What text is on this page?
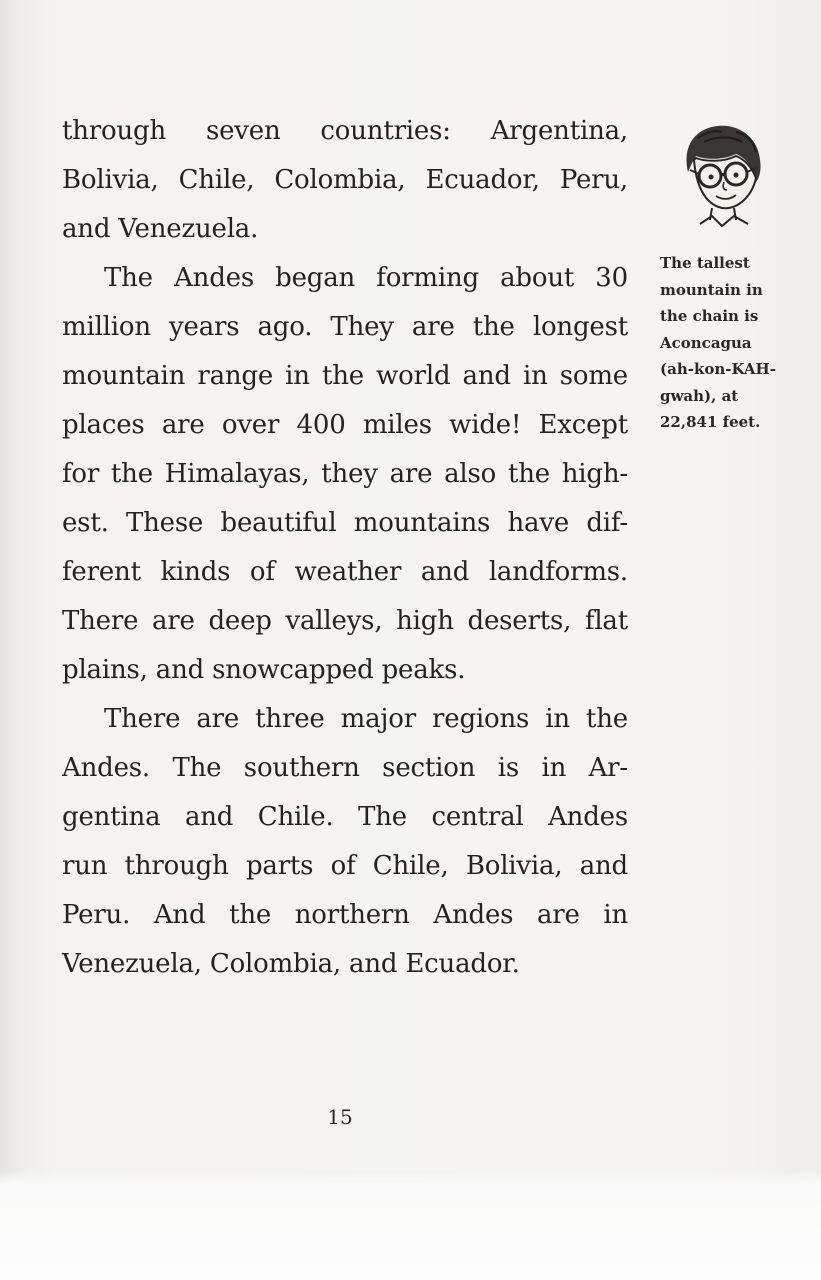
through seven countries: Argentina,
Bolivia, Chile, Colombia, Ecuador, Peru,
and Venezuela.
The Andes began forming about 30
million years ago. They are the longest
mountain range in the world and in some
places are over 400 miles wide! Except
for the Himalayas, they are also the high-
est. These beautiful mountains have dif-
ferent kinds of weather and landforms.
There are deep valleys, high deserts, flat
plains, and snowcapped peaks.
There are three major regions in the
Andes. The southern section is in Ar-
gentina and Chile. The central Andes
run through parts of Chile, Bolivia, and
Peru. And the northern Andes are in
Venezuela, Colombia, and Ecuador.
The tallest
mountain in
the chain is
Aconcagua
(ah-kon-KAH-
gwah), at
22,841 feet.
15
